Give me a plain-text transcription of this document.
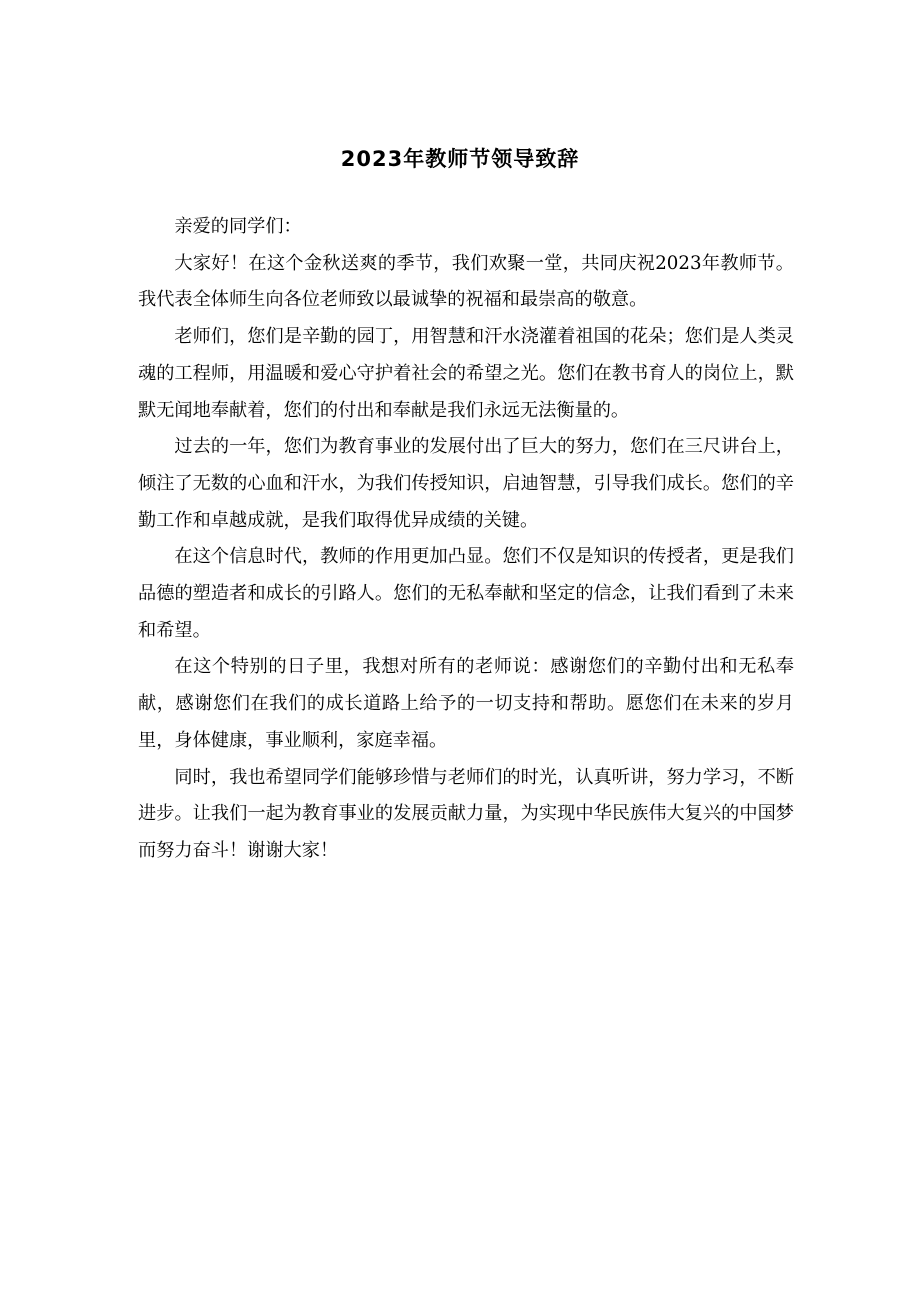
2023年教师节领导致辞

亲爱的同学们：

大家好！在这个金秋送爽的季节，我们欢聚一堂，共同庆祝2023年教师节。我代表全体师生向各位老师致以最诚挚的祝福和最崇高的敬意。

老师们，您们是辛勤的园丁，用智慧和汗水浇灌着祖国的花朵；您们是人类灵魂的工程师，用温暖和爱心守护着社会的希望之光。您们在教书育人的岗位上，默默无闻地奉献着，您们的付出和奉献是我们永远无法衡量的。

过去的一年，您们为教育事业的发展付出了巨大的努力，您们在三尺讲台上，倾注了无数的心血和汗水，为我们传授知识，启迪智慧，引导我们成长。您们的辛勤工作和卓越成就，是我们取得优异成绩的关键。

在这个信息时代，教师的作用更加凸显。您们不仅是知识的传授者，更是我们品德的塑造者和成长的引路人。您们的无私奉献和坚定的信念，让我们看到了未来和希望。

在这个特别的日子里，我想对所有的老师说：感谢您们的辛勤付出和无私奉献，感谢您们在我们的成长道路上给予的一切支持和帮助。愿您们在未来的岁月里，身体健康，事业顺利，家庭幸福。

同时，我也希望同学们能够珍惜与老师们的时光，认真听讲，努力学习，不断进步。让我们一起为教育事业的发展贡献力量，为实现中华民族伟大复兴的中国梦而努力奋斗！谢谢大家！
